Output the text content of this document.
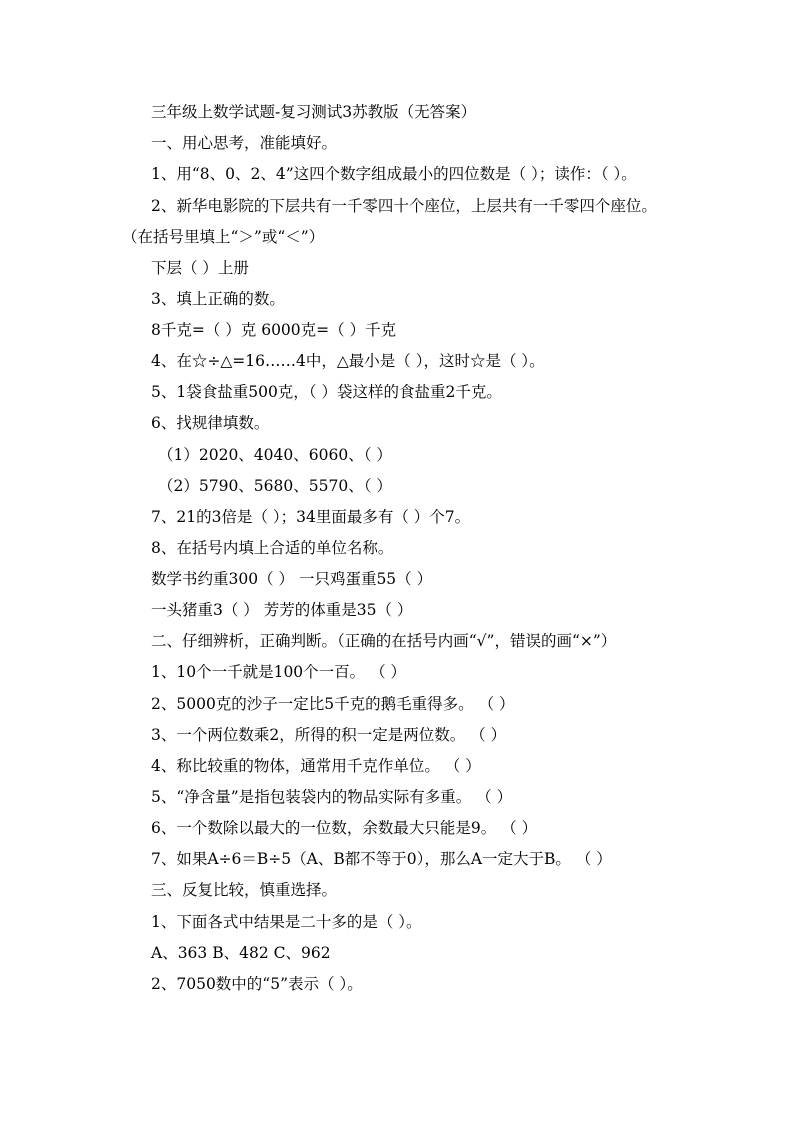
三年级上数学试题-复习测试3苏教版（无答案）
一、用心思考，准能填好。
1、用“8、0、2、4”这四个数字组成最小的四位数是（ ）；读作：（ ）。
2、新华电影院的下层共有一千零四十个座位，上层共有一千零四个座位。
（在括号里填上“＞”或“＜”）
下层（ ）上册
3、填上正确的数。
8千克=（ ）克 6000克=（ ）千克
4、在☆÷△=16……4中，△最小是（ ），这时☆是（ ）。
5、1袋食盐重500克，（ ）袋这样的食盐重2千克。
6、找规律填数。
（1）2020、4040、6060、（ ）
（2）5790、5680、5570、（ ）
7、21的3倍是（ ）；34里面最多有（ ）个7。
8、在括号内填上合适的单位名称。
数学书约重300（ ） 一只鸡蛋重55（ ）
一头猪重3（ ） 芳芳的体重是35（ ）
二、仔细辨析，正确判断。（正确的在括号内画“√”，错误的画“×”）
1、10个一千就是100个一百。 （ ）
2、5000克的沙子一定比5千克的鹅毛重得多。 （ ）
3、一个两位数乘2，所得的积一定是两位数。 （ ）
4、称比较重的物体，通常用千克作单位。 （ ）
5、“净含量”是指包装袋内的物品实际有多重。 （ ）
6、一个数除以最大的一位数，余数最大只能是9。 （ ）
7、如果A÷6＝B÷5（A、B都不等于0），那么A一定大于B。 （ ）
三、反复比较，慎重选择。
1、下面各式中结果是二十多的是（ ）。
A、363 B、482 C、962
2、7050数中的“5”表示（ ）。
